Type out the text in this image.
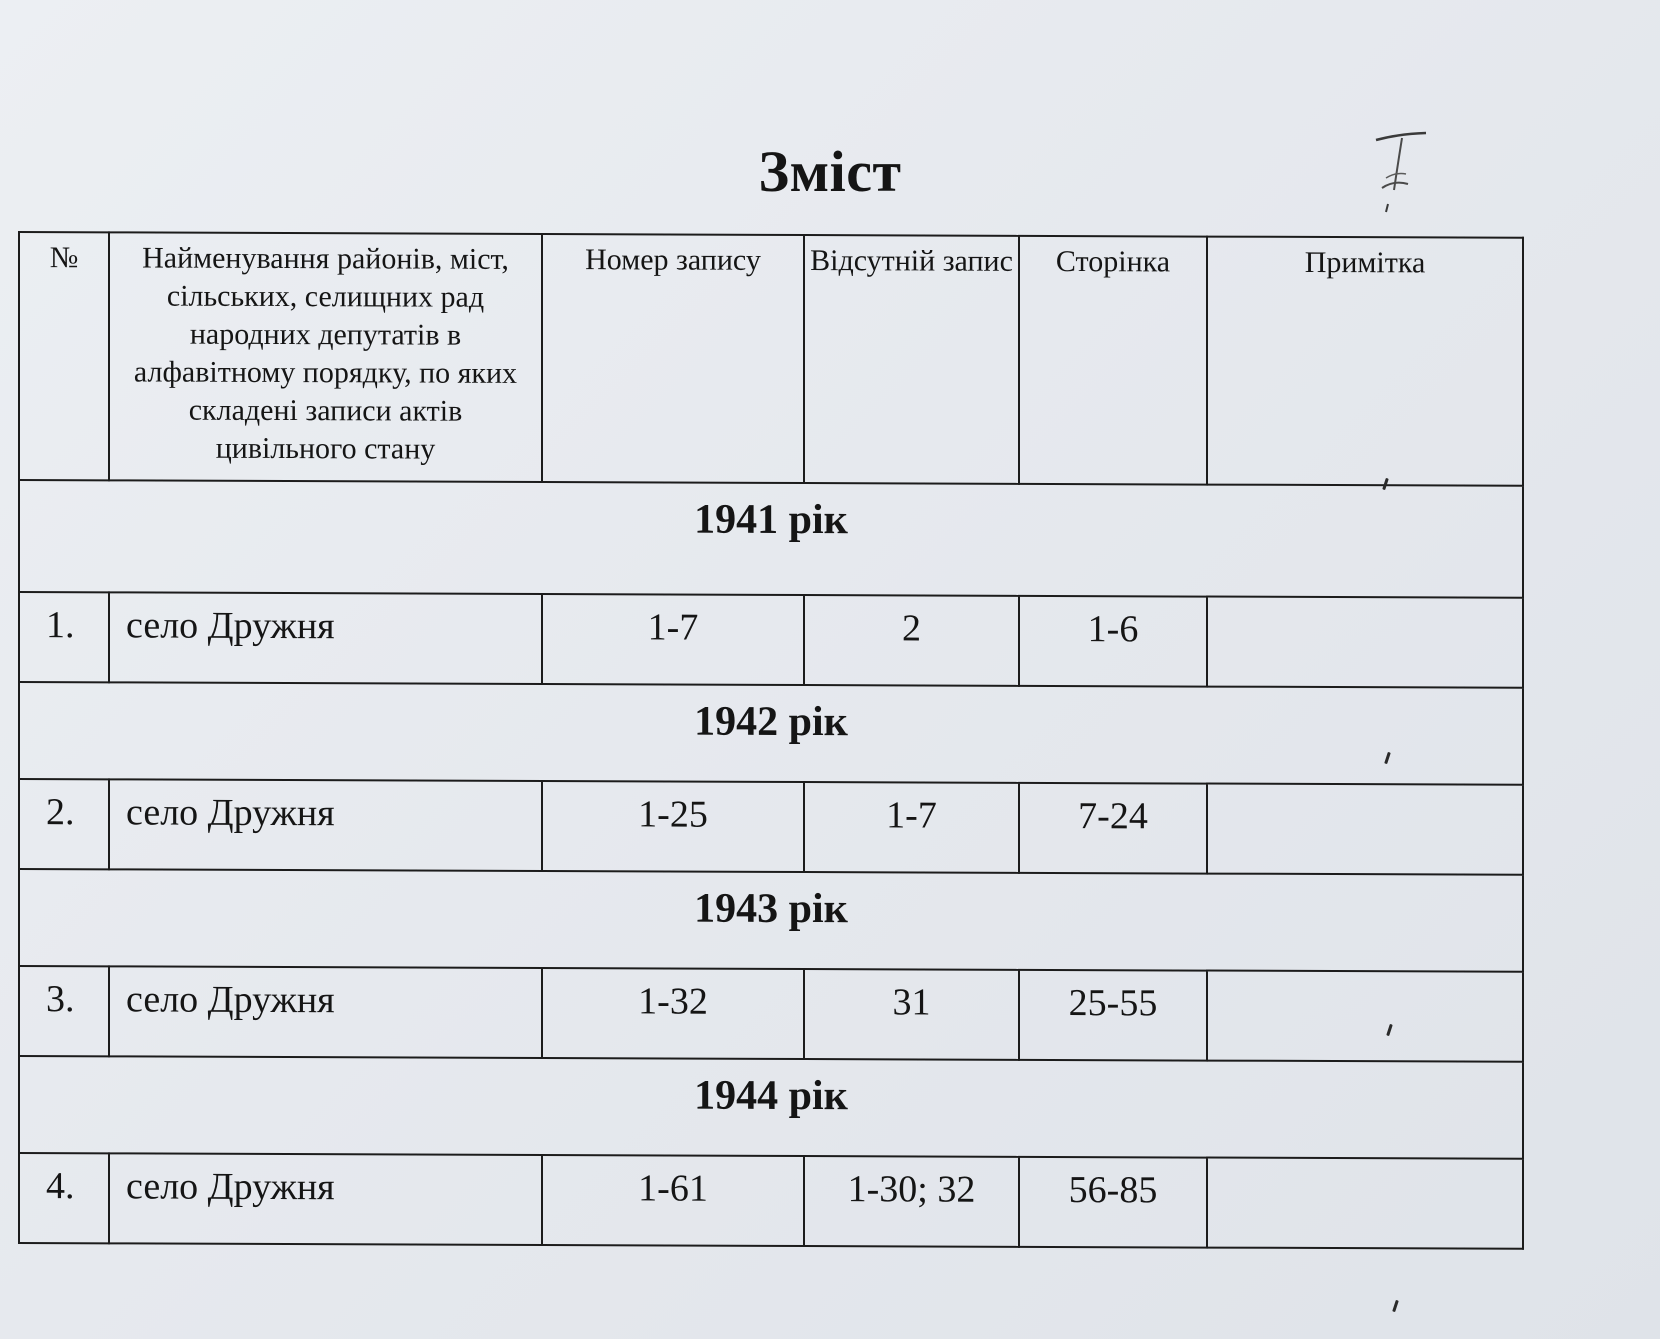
Зміст
№	Найменування районів, міст, сільських, селищних рад народних депутатів в алфавітному порядку, по яких складені записи актів цивільного стану	Номер запису	Відсутній запис	Сторінка	Примітка
1941 рік					
1.	село Дружня	1-7	2	1-6	
1942 рік					
2.	село Дружня	1-25	1-7	7-24	
1943 рік					
3.	село Дружня	1-32	31	25-55	
1944 рік					
4.	село Дружня	1-61	1-30; 32	56-85	
